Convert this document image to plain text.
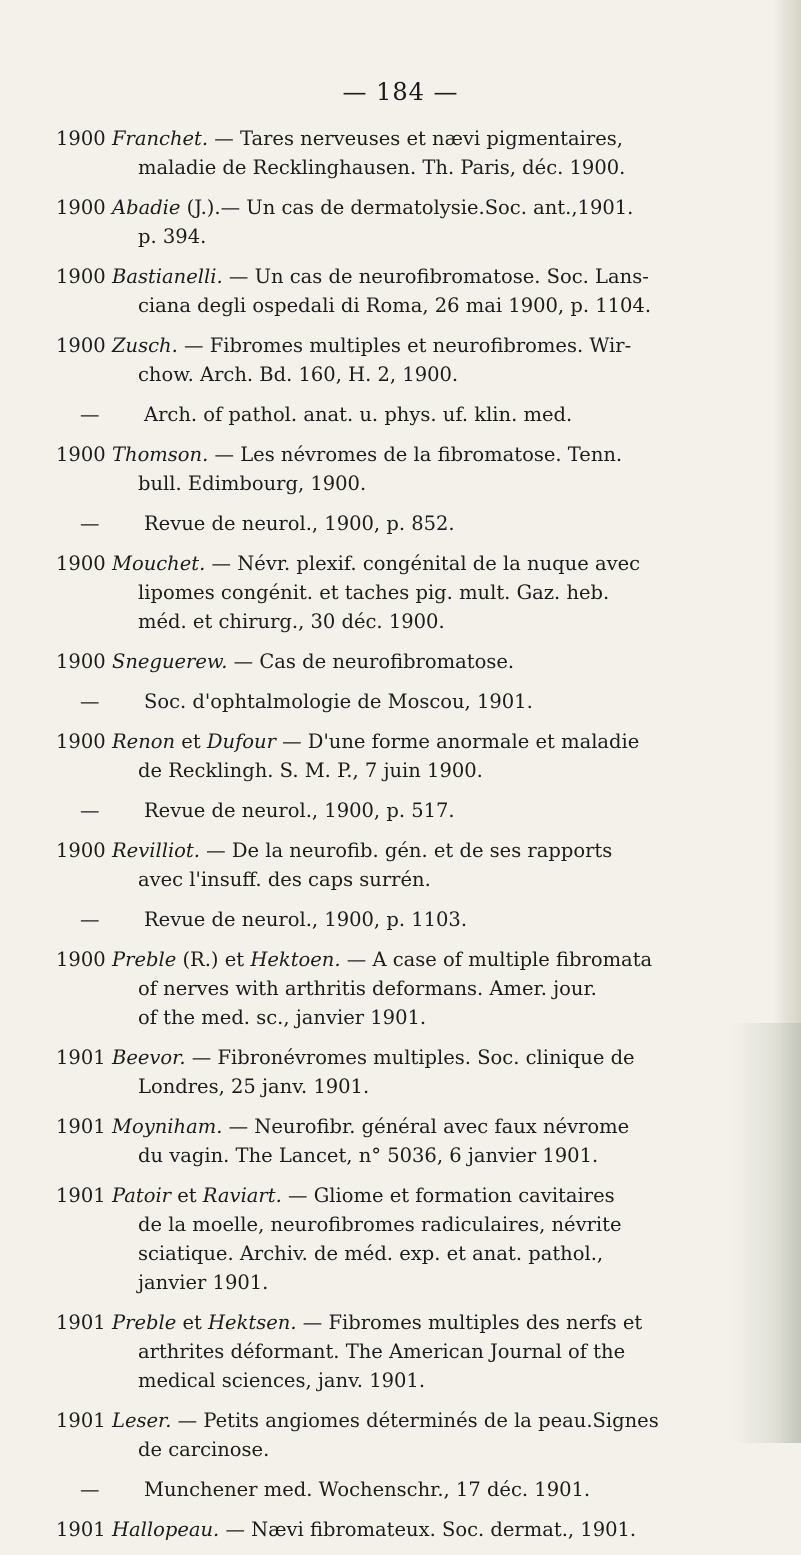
— 184 —
1900 Franchet. — Tares nerveuses et nævi pigmentaires,
maladie de Recklinghausen. Th. Paris, déc. 1900.
1900 Abadie (J.).— Un cas de dermatolysie.Soc. ant.,1901.
p. 394.
1900 Bastianelli. — Un cas de neurofibromatose. Soc. Lans-
ciana degli ospedali di Roma, 26 mai 1900, p. 1104.
1900 Zusch. — Fibromes multiples et neurofibromes. Wir-
chow. Arch. Bd. 160, H. 2, 1900.
—	Arch. of pathol. anat. u. phys. uf. klin. med.
1900 Thomson. — Les névromes de la fibromatose. Tenn.
bull. Edimbourg, 1900.
—	Revue de neurol., 1900, p. 852.
1900 Mouchet. — Névr. plexif. congénital de la nuque avec
lipomes congénit. et taches pig. mult. Gaz. heb.
méd. et chirurg., 30 déc. 1900.
1900 Sneguerew. — Cas de neurofibromatose.
—	Soc. d'ophtalmologie de Moscou, 1901.
1900 Renon et Dufour — D'une forme anormale et maladie
de Recklingh. S. M. P., 7 juin 1900.
—	Revue de neurol., 1900, p. 517.
1900 Revilliot. — De la neurofib. gén. et de ses rapports
avec l'insuff. des caps surrén.
—	Revue de neurol., 1900, p. 1103.
1900 Preble (R.) et Hektoen. — A case of multiple fibromata
of nerves with arthritis deformans. Amer. jour.
of the med. sc., janvier 1901.
1901 Beevor. — Fibronévromes multiples. Soc. clinique de
Londres, 25 janv. 1901.
1901 Moyniham. — Neurofibr. général avec faux névrome
du vagin. The Lancet, n° 5036, 6 janvier 1901.
1901 Patoir et Raviart. — Gliome et formation cavitaires
de la moelle, neurofibromes radiculaires, névrite
sciatique. Archiv. de méd. exp. et anat. pathol.,
janvier 1901.
1901 Preble et Hektsen. — Fibromes multiples des nerfs et
arthrites déformant. The American Journal of the
medical sciences, janv. 1901.
1901 Leser. — Petits angiomes déterminés de la peau.Signes
de carcinose.
—	Munchener med. Wochenschr., 17 déc. 1901.
1901 Hallopeau. — Nævi fibromateux. Soc. dermat., 1901.
